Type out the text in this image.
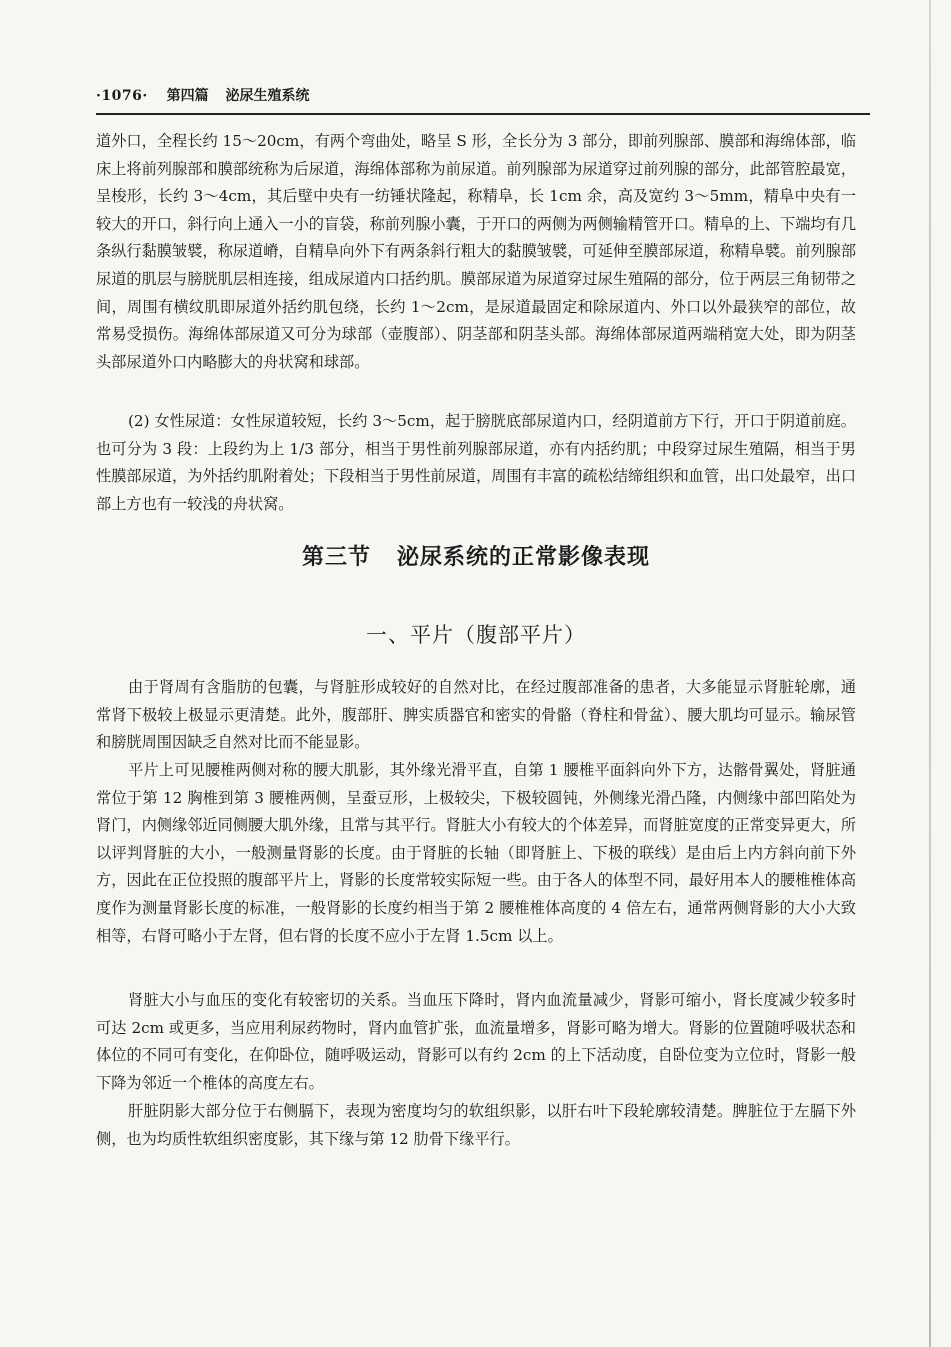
·1076· 第四篇 泌尿生殖系统

道外口，全程长约 15～20cm，有两个弯曲处，略呈 S 形，全长分为 3 部分，即前列腺部、膜部和海绵体部，临床上将前列腺部和膜部统称为后尿道，海绵体部称为前尿道。前列腺部为尿道穿过前列腺的部分，此部管腔最宽，呈梭形，长约 3～4cm，其后壁中央有一纺锤状隆起，称精阜，长 1cm 余，高及宽约 3～5mm，精阜中央有一较大的开口，斜行向上通入一小的盲袋，称前列腺小囊，于开口的两侧为两侧输精管开口。精阜的上、下端均有几条纵行黏膜皱襞，称尿道嵴，自精阜向外下有两条斜行粗大的黏膜皱襞，可延伸至膜部尿道，称精阜襞。前列腺部尿道的肌层与膀胱肌层相连接，组成尿道内口括约肌。膜部尿道为尿道穿过尿生殖隔的部分，位于两层三角韧带之间，周围有横纹肌即尿道外括约肌包绕，长约 1～2cm，是尿道最固定和除尿道内、外口以外最狭窄的部位，故常易受损伤。海绵体部尿道又可分为球部（壶腹部）、阴茎部和阴茎头部。海绵体部尿道两端稍宽大处，即为阴茎头部尿道外口内略膨大的舟状窝和球部。

(2) 女性尿道：女性尿道较短，长约 3～5cm，起于膀胱底部尿道内口，经阴道前方下行，开口于阴道前庭。也可分为 3 段：上段约为上 1/3 部分，相当于男性前列腺部尿道，亦有内括约肌；中段穿过尿生殖隔，相当于男性膜部尿道，为外括约肌附着处；下段相当于男性前尿道，周围有丰富的疏松结缔组织和血管，出口处最窄，出口部上方也有一较浅的舟状窝。

第三节 泌尿系统的正常影像表现
一、平片（腹部平片）

由于肾周有含脂肪的包囊，与肾脏形成较好的自然对比，在经过腹部准备的患者，大多能显示肾脏轮廓，通常肾下极较上极显示更清楚。此外，腹部肝、脾实质器官和密实的骨骼（脊柱和骨盆）、腰大肌均可显示。输尿管和膀胱周围因缺乏自然对比而不能显影。

平片上可见腰椎两侧对称的腰大肌影，其外缘光滑平直，自第 1 腰椎平面斜向外下方，达髂骨翼处，肾脏通常位于第 12 胸椎到第 3 腰椎两侧，呈蚕豆形，上极较尖，下极较圆钝，外侧缘光滑凸隆，内侧缘中部凹陷处为肾门，内侧缘邻近同侧腰大肌外缘，且常与其平行。肾脏大小有较大的个体差异，而肾脏宽度的正常变异更大，所以评判肾脏的大小，一般测量肾影的长度。由于肾脏的长轴（即肾脏上、下极的联线）是由后上内方斜向前下外方，因此在正位投照的腹部平片上，肾影的长度常较实际短一些。由于各人的体型不同，最好用本人的腰椎椎体高度作为测量肾影长度的标准，一般肾影的长度约相当于第 2 腰椎椎体高度的 4 倍左右，通常两侧肾影的大小大致相等，右肾可略小于左肾，但右肾的长度不应小于左肾 1.5cm 以上。

肾脏大小与血压的变化有较密切的关系。当血压下降时，肾内血流量减少，肾影可缩小，肾长度减少较多时可达 2cm 或更多，当应用利尿药物时，肾内血管扩张，血流量增多，肾影可略为增大。肾影的位置随呼吸状态和体位的不同可有变化，在仰卧位，随呼吸运动，肾影可以有约 2cm 的上下活动度，自卧位变为立位时，肾影一般下降为邻近一个椎体的高度左右。

肝脏阴影大部分位于右侧膈下，表现为密度均匀的软组织影，以肝右叶下段轮廓较清楚。脾脏位于左膈下外侧，也为均质性软组织密度影，其下缘与第 12 肋骨下缘平行。
